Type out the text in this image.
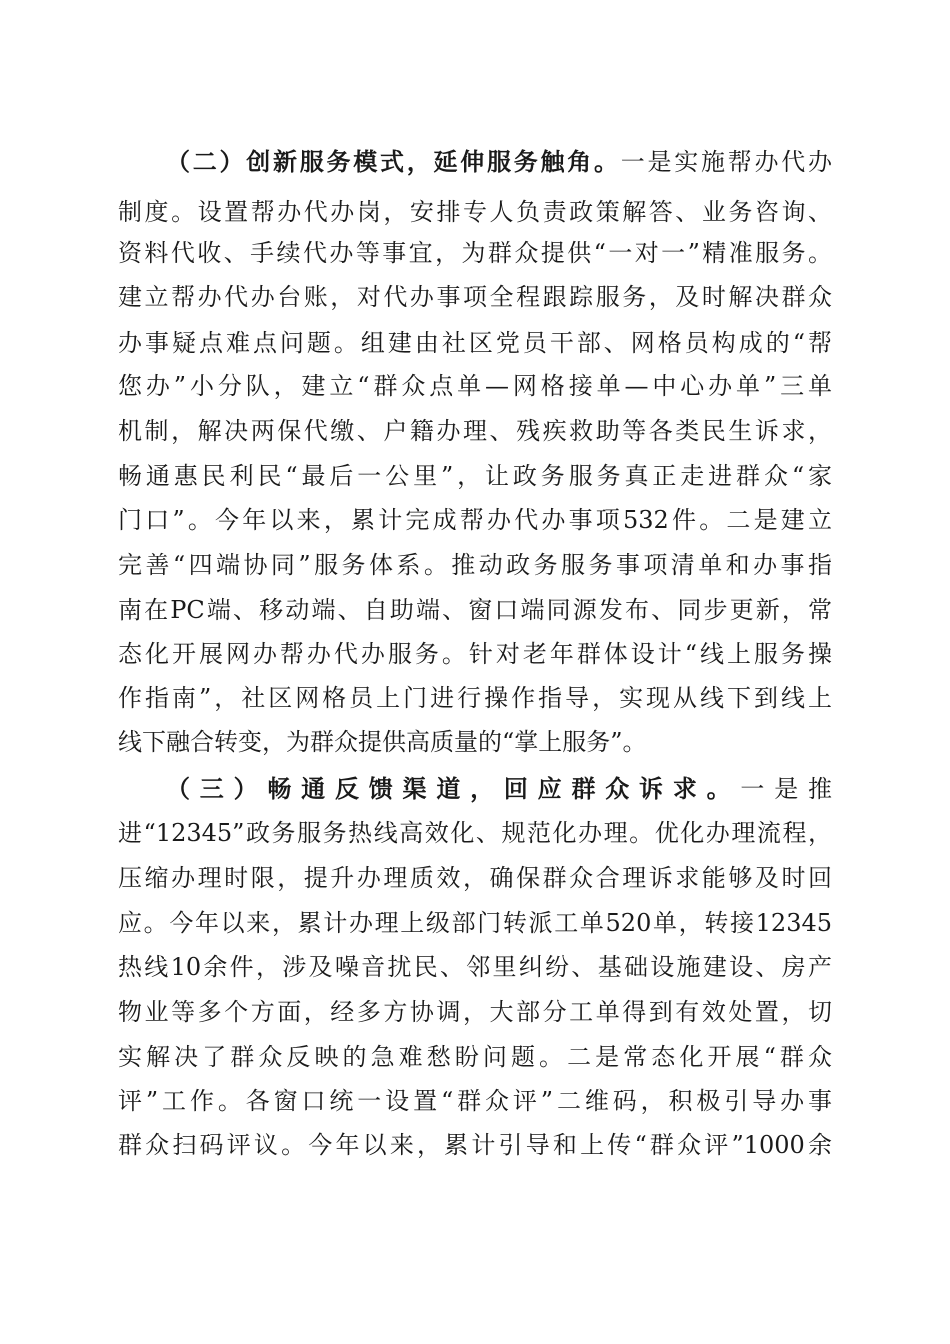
（二）创新服务模式，延伸服务触角。一是实施帮办代办
制度。设置帮办代办岗，安排专人负责政策解答、业务咨询、
资料代收、手续代办等事宜，为群众提供“一对一”精准服务。
建立帮办代办台账，对代办事项全程跟踪服务，及时解决群众
办事疑点难点问题。组建由社区党员干部、网格员构成的“帮
您办”小分队，建立“群众点单—网格接单—中心办单”三单
机制，解决两保代缴、户籍办理、残疾救助等各类民生诉求，
畅通惠民利民“最后一公里”，让政务服务真正走进群众“家
门口”。今年以来，累计完成帮办代办事项532件。二是建立
完善“四端协同”服务体系。推动政务服务事项清单和办事指
南在PC端、移动端、自助端、窗口端同源发布、同步更新，常
态化开展网办帮办代办服务。针对老年群体设计“线上服务操
作指南”，社区网格员上门进行操作指导，实现从线下到线上
线下融合转变，为群众提供高质量的“掌上服务”。
（三）畅通反馈渠道，回应群众诉求。一是推
进“12345”政务服务热线高效化、规范化办理。优化办理流程，
压缩办理时限，提升办理质效，确保群众合理诉求能够及时回
应。今年以来，累计办理上级部门转派工单520单，转接12345
热线10余件，涉及噪音扰民、邻里纠纷、基础设施建设、房产
物业等多个方面，经多方协调，大部分工单得到有效处置，切
实解决了群众反映的急难愁盼问题。二是常态化开展“群众
评”工作。各窗口统一设置“群众评”二维码，积极引导办事
群众扫码评议。今年以来，累计引导和上传“群众评”1000余
